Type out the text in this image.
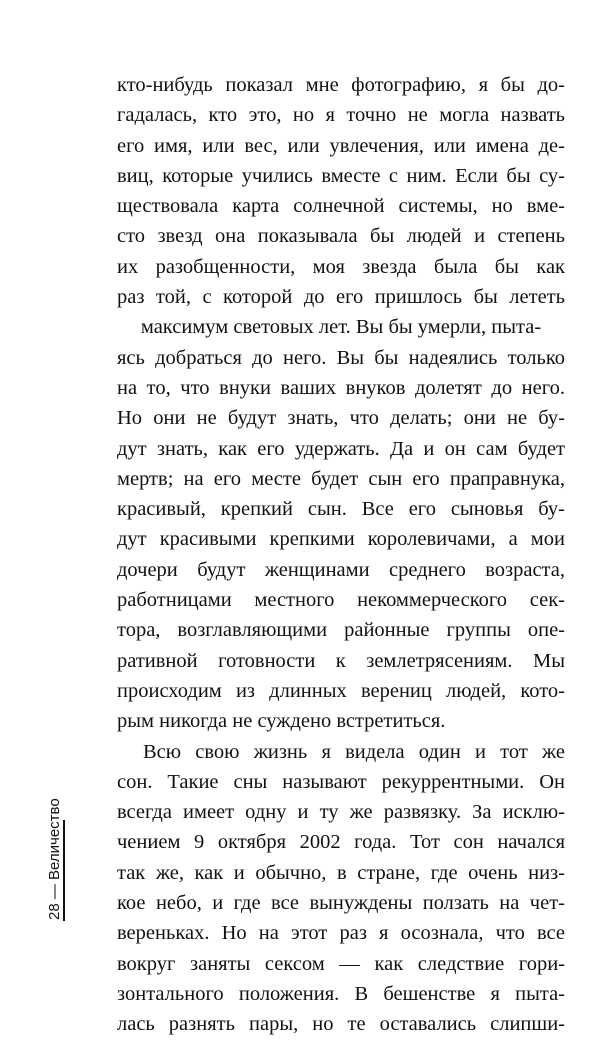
кто-нибудь показал мне фотографию, я бы до-
гадалась, кто это, но я точно не могла назвать
его имя, или вес, или увлечения, или имена де-
виц, которые учились вместе с ним. Если бы су-
ществовала карта солнечной системы, но вме-
сто звезд она показывала бы людей и степень
их разобщенности, моя звезда была бы как
раз той, с которой до его пришлось бы лететь
максимум световых лет. Вы бы умерли, пыта-
ясь добраться до него. Вы бы надеялись только
на то, что внуки ваших внуков долетят до него.
Но они не будут знать, что делать; они не бу-
дут знать, как его удержать. Да и он сам будет
мертв; на его месте будет сын его праправнука,
красивый, крепкий сын. Все его сыновья бу-
дут красивыми крепкими королевичами, а мои
дочери будут женщинами среднего возраста,
работницами местного некоммерческого сек-
тора, возглавляющими районные группы опе-
ративной готовности к землетрясениям. Мы
происходим из длинных верениц людей, кото-
рым никогда не суждено встретиться.
Всю свою жизнь я видела один и тот же
сон. Такие сны называют рекуррентными. Он
всегда имеет одну и ту же развязку. За исклю-
чением 9 октября 2002 года. Тот сон начался
так же, как и обычно, в стране, где очень низ-
кое небо, и где все вынуждены ползать на чет-
вереньках. Но на этот раз я осознала, что все
вокруг заняты сексом — как следствие гори-
зонтального положения. В бешенстве я пыта-
лась разнять пары, но те оставались слипши-
28 — Величество
